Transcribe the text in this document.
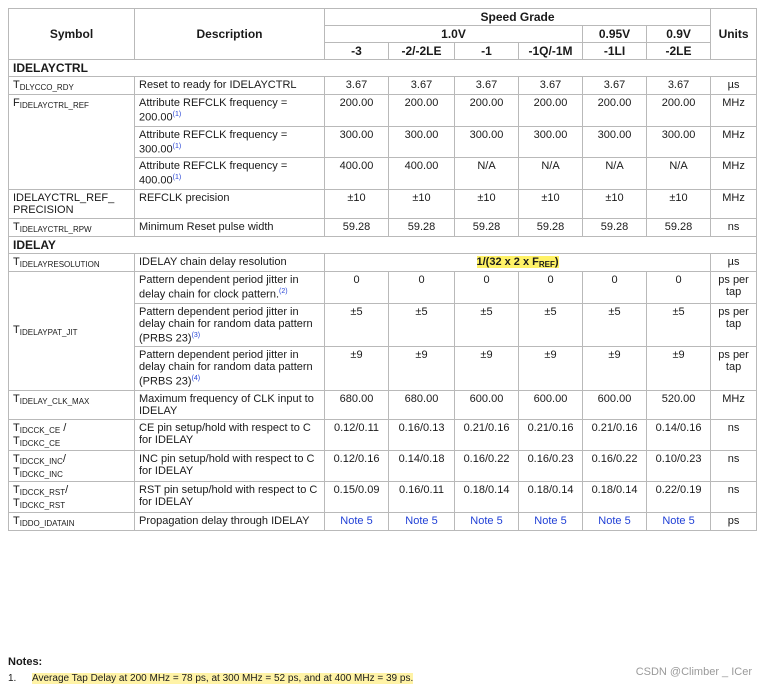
Symbol	Description	Speed Grade						Units
		1.0V				0.95V	0.9V	
		-3	-2/-2LE	-1	-1Q/-1M	-1LI	-2LE	
IDELAYCTRL								
TDLYCCO_RDY	Reset to ready for IDELAYCTRL	3.67	3.67	3.67	3.67	3.67	3.67	µs
FIDELAYCTRL_REF	Attribute REFCLK frequency = $200.00^{(1)}$	200.00	200.00	200.00	200.00	200.00	200.00	MHz
	Attribute REFCLK frequency = $300.00^{(1)}$	300.00	300.00	300.00	300.00	300.00	300.00	MHz
	Attribute REFCLK frequency = $400.00^{(1)}$	400.00	400.00	N/A	N/A	N/A	N/A	MHz
IDELAYCTRL_REF_ PRECISION	REFCLK precision	±10	±10	±10	±10	±10	±10	MHz
TIDELAYCTRL_RPW	Minimum Reset pulse width	59.28	59.28	59.28	59.28	59.28	59.28	ns
IDELAY								
TIDELAYRESOLUTION	IDELAY chain delay resolution	1/(32 x 2 x FREF)						µs
TIDELAYPAT_JIT	Pattern dependent period jitter in delay chain for clock pattern.$^{(2)}$	0	0	0	0	0	0	ps per tap
	Pattern dependent period jitter in delay chain for random data pattern (PRBS 23)$^{(3)}$	±5	±5	±5	±5	±5	±5	ps per tap
	Pattern dependent period jitter in delay chain for random data pattern (PRBS 23)$^{(4)}$	±9	±9	±9	±9	±9	±9	ps per tap
TIDELAY_CLK_MAX	Maximum frequency of CLK input to IDELAY	680.00	680.00	600.00	600.00	600.00	520.00	MHz
TIDCCK_CE /
TIDCKC_CE	CE pin setup/hold with respect to C for IDELAY	0.12/0.11	0.16/0.13	0.21/0.16	0.21/0.16	0.21/0.16	0.14/0.16	ns
TIDCCK_INC/
TIDCKC_INC	INC pin setup/hold with respect to C for IDELAY	0.12/0.16	0.14/0.18	0.16/0.22	0.16/0.23	0.16/0.22	0.10/0.23	ns
TIDCCK_RST/
TIDCKC_RST	RST pin setup/hold with respect to C for IDELAY	0.15/0.09	0.16/0.11	0.18/0.14	0.18/0.14	0.18/0.14	0.22/0.19	ns
TIDDO_IDATAIN	Propagation delay through IDELAY	Note 5	Note 5	Note 5	Note 5	Note 5	Note 5	ps
Notes:
1. Average Tap Delay at 200 MHz = 78 ps, at 300 MHz = 52 ps, and at 400 MHz = 39 ps.
CSDN @Climber _ ICer
